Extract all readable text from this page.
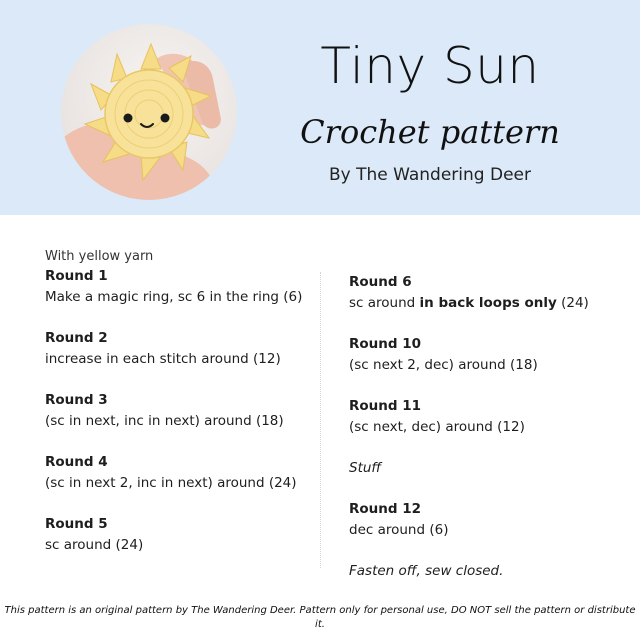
Tiny Sun
Crochet pattern
By The Wandering Deer
With yellow yarn
Round 1
Make a magic ring, sc 6 in the ring (6)
Round 2
increase in each stitch around (12)
Round 3
(sc in next, inc in next) around (18)
Round 4
(sc in next 2, inc in next) around (24)
Round 5
sc around (24)
Round 6
sc around in back loops only (24)
Round 10
(sc next 2, dec) around (18)
Round 11
(sc next, dec) around (12)
Stuff
Round 12
dec around (6)
Fasten off, sew closed.
This pattern is an original pattern by The Wandering Deer. Pattern only for personal use, DO NOT sell the pattern or distribute it.
